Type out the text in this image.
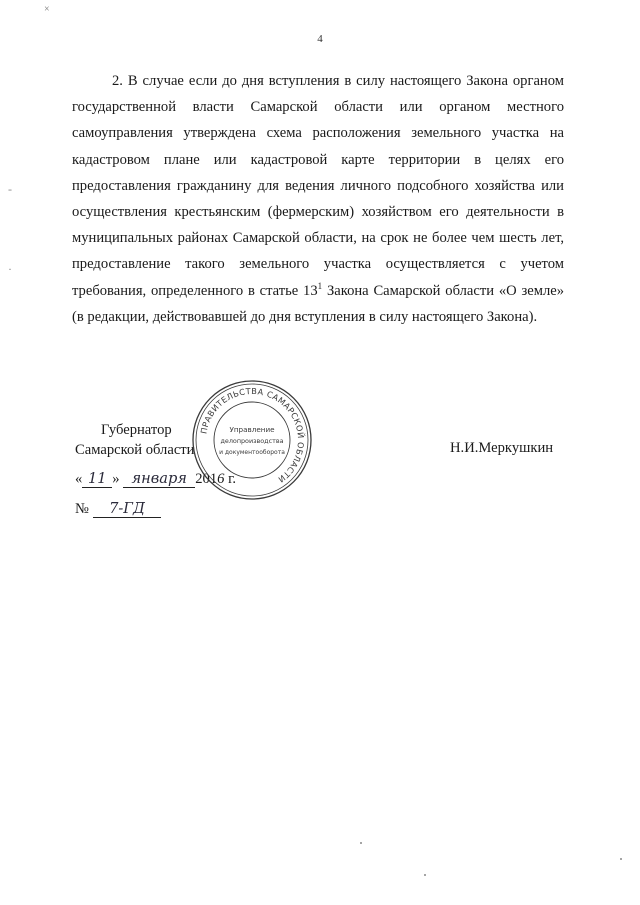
×
4
-
·

2. В случае если до дня вступления в силу настоящего Закона органом государственной власти Самарской области или органом местного самоуправления утверждена схема расположения земельного участка на кадастровом плане или кадастровой карте территории в целях его предоставления гражданину для ведения личного подсобного хозяйства или осуществления крестьянским (фермерским) хозяйством его деятельности в муниципальных районах Самарской области, на срок не более чем шесть лет, предоставление такого земельного участка осуществляется с учетом требования, определенного в статье $13^1$ Закона Самарской области «О земле» (в редакции, действовавшей до дня вступления в силу настоящего Закона).

Губернатор
Самарской области	Н.И.Меркушкин
« 11 » января 2016 г.
№ 7-ГД
ПРАВИТЕЛЬСТВА САМАРСКОЙ ОБЛАСТИ
Управление
делопроизводства
и документооборота
